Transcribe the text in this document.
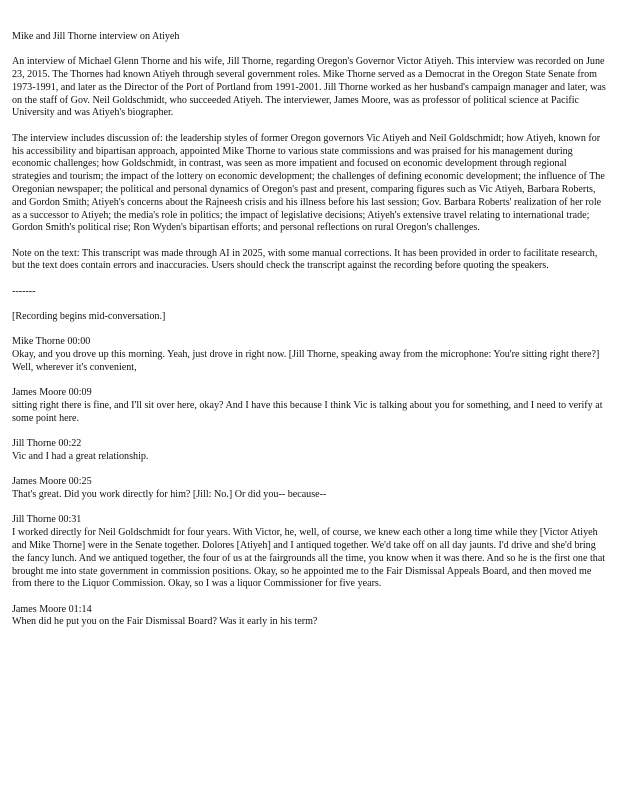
Mike and Jill Thorne interview on Atiyeh

An interview of Michael Glenn Thorne and his wife, Jill Thorne, regarding Oregon's Governor Victor Atiyeh. This interview was recorded on June 23, 2015. The Thornes had known Atiyeh through several government roles. Mike Thorne served as a Democrat in the Oregon State Senate from 1973-1991, and later as the Director of the Port of Portland from 1991-2001. Jill Thorne worked as her husband's campaign manager and later, was on the staff of Gov. Neil Goldschmidt, who succeeded Atiyeh. The interviewer, James Moore, was as professor of political science at Pacific University and was Atiyeh's biographer.

The interview includes discussion of: the leadership styles of former Oregon governors Vic Atiyeh and Neil Goldschmidt; how Atiyeh, known for his accessibility and bipartisan approach, appointed Mike Thorne to various state commissions and was praised for his management during economic challenges; how Goldschmidt, in contrast, was seen as more impatient and focused on economic development through regional strategies and tourism; the impact of the lottery on economic development; the challenges of defining economic development; the influence of The Oregonian newspaper; the political and personal dynamics of Oregon's past and present, comparing figures such as Vic Atiyeh, Barbara Roberts, and Gordon Smith; Atiyeh's concerns about the Rajneesh crisis and his illness before his last session; Gov. Barbara Roberts' realization of her role as a successor to Atiyeh; the media's role in politics; the impact of legislative decisions; Atiyeh's extensive travel relating to international trade; Gordon Smith's political rise; Ron Wyden's bipartisan efforts; and personal reflections on rural Oregon's challenges.

Note on the text: This transcript was made through AI in 2025, with some manual corrections. It has been provided in order to facilitate research, but the text does contain errors and inaccuracies. Users should check the transcript against the recording before quoting the speakers.

-------

[Recording begins mid-conversation.]

Mike Thorne 00:00
Okay, and you drove up this morning. Yeah, just drove in right now. [Jill Thorne, speaking away from the microphone: You're sitting right there?] Well, wherever it's convenient,
James Moore 00:09
sitting right there is fine, and I'll sit over here, okay? And I have this because I think Vic is talking about you for something, and I need to verify at some point here.
Jill Thorne 00:22
Vic and I had a great relationship.
James Moore 00:25
That's great. Did you work directly for him? [Jill: No.] Or did you-- because--
Jill Thorne 00:31
I worked directly for Neil Goldschmidt for four years. With Victor, he, well, of course, we knew each other a long time while they [Victor Atiyeh and Mike Thorne] were in the Senate together. Dolores [Atiyeh] and I antiqued together. We'd take off on all day jaunts. I'd drive and she'd bring the fancy lunch. And we antiqued together, the four of us at the fairgrounds all the time, you know when it was there. And so he is the first one that brought me into state government in commission positions. Okay, so he appointed me to the Fair Dismissal Appeals Board, and then moved me from there to the Liquor Commission. Okay, so I was a liquor Commissioner for five years.
James Moore 01:14
When did he put you on the Fair Dismissal Board? Was it early in his term?
